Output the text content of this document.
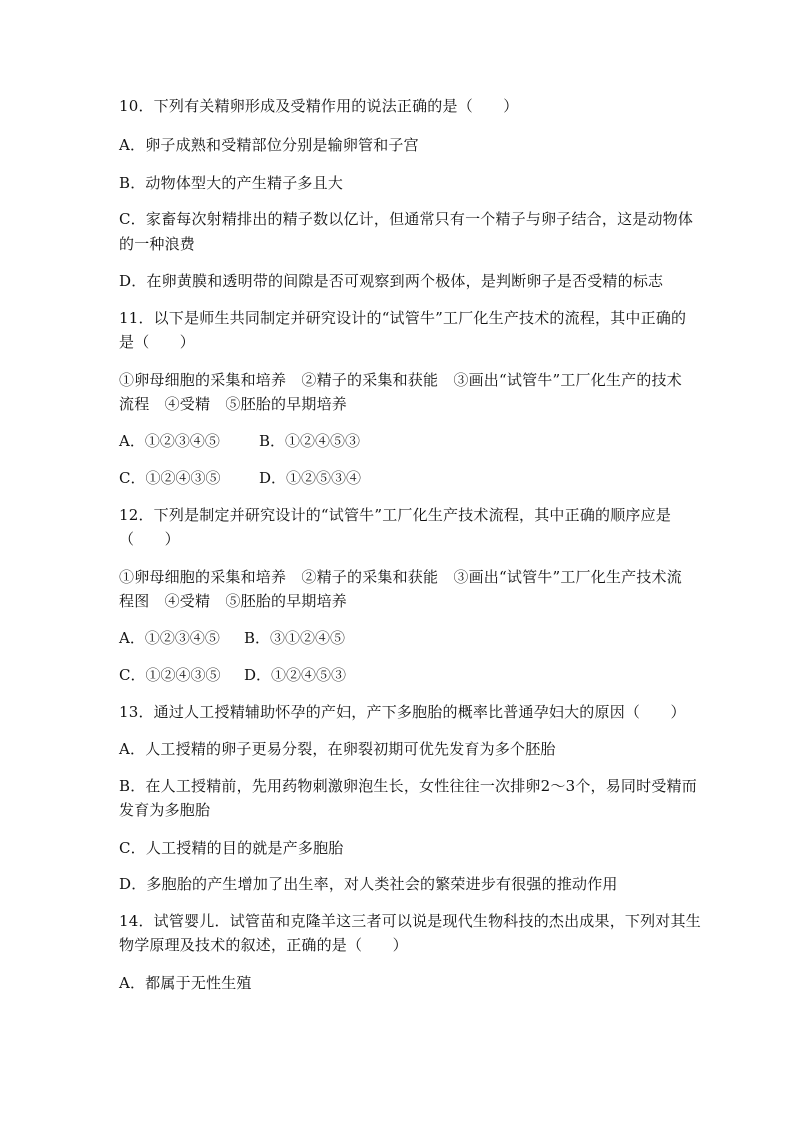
10．下列有关精卵形成及受精作用的说法正确的是（　　）
A．卵子成熟和受精部位分别是输卵管和子宫
B．动物体型大的产生精子多且大
C．家畜每次射精排出的精子数以亿计，但通常只有一个精子与卵子结合，这是动物体
的一种浪费
D．在卵黄膜和透明带的间隙是否可观察到两个极体，是判断卵子是否受精的标志
11．以下是师生共同制定并研究设计的“试管牛”工厂化生产技术的流程，其中正确的
是（　　）
①卵母细胞的采集和培养　②精子的采集和获能　③画出“试管牛”工厂化生产的技术
流程　④受精　⑤胚胎的早期培养
A．①②③④⑤	B．①②④⑤③
C．①②④③⑤	D．①②⑤③④
12．下列是制定并研究设计的“试管牛”工厂化生产技术流程，其中正确的顺序应是
（　　）
①卵母细胞的采集和培养　②精子的采集和获能　③画出“试管牛”工厂化生产技术流
程图　④受精　⑤胚胎的早期培养
A．①②③④⑤ B．③①②④⑤
C．①②④③⑤ D．①②④⑤③
13．通过人工授精辅助怀孕的产妇，产下多胞胎的概率比普通孕妇大的原因（　　）
A．人工授精的卵子更易分裂，在卵裂初期可优先发育为多个胚胎
B．在人工授精前，先用药物刺激卵泡生长，女性往往一次排卵2～3个，易同时受精而
发育为多胞胎
C．人工授精的目的就是产多胞胎
D．多胞胎的产生增加了出生率，对人类社会的繁荣进步有很强的推动作用
14．试管婴儿．试管苗和克隆羊这三者可以说是现代生物科技的杰出成果，下列对其生
物学原理及技术的叙述，正确的是（　　）
A．都属于无性生殖
